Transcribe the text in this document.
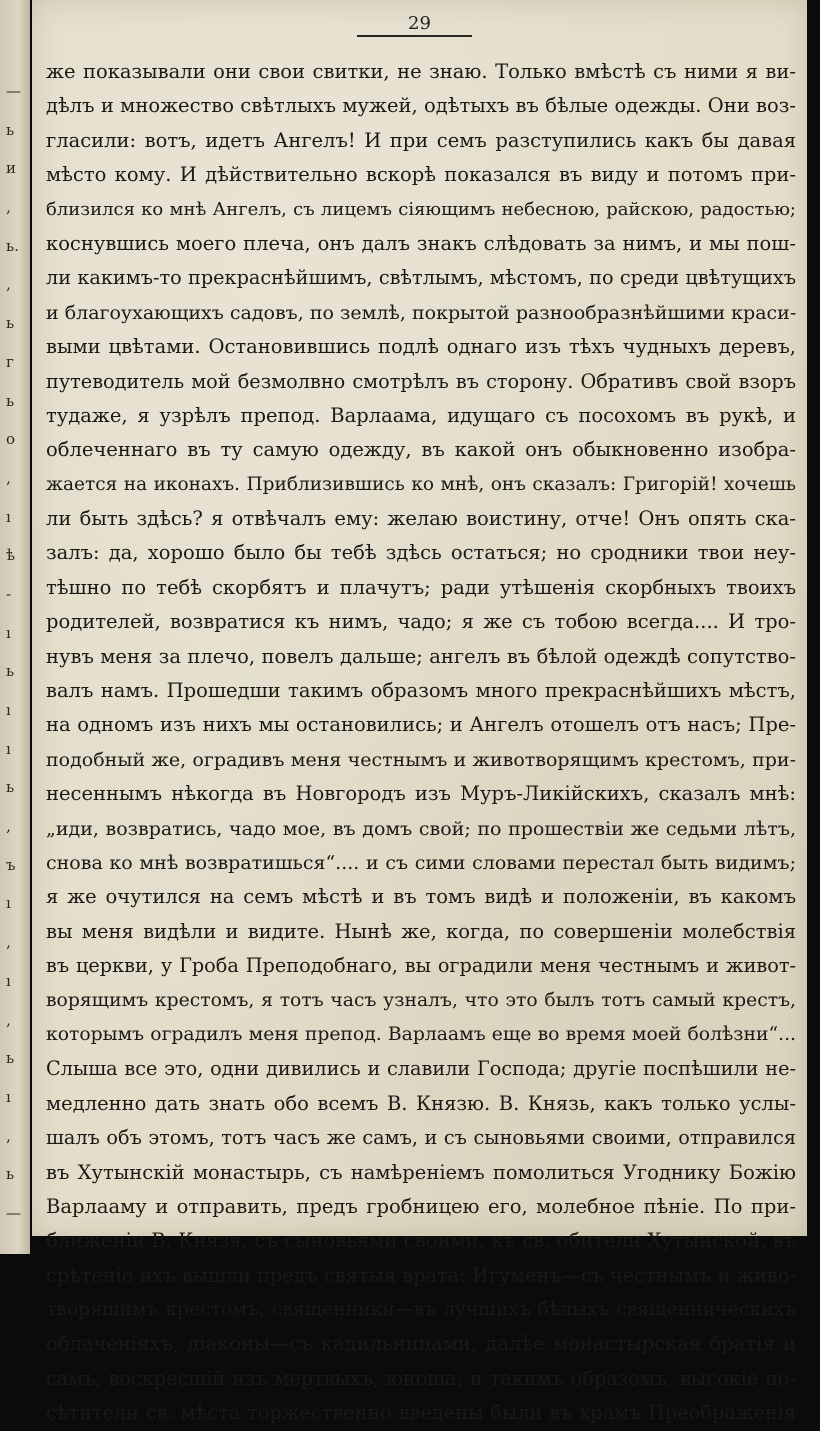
—
ь
и
‚
ь.
‚
ь
г
ь
о
‚
ı
ѣ
-
ı
ь
ı
ı
ь
‚
ъ
ı
‚
ı
‚
ь
ı
‚
ь
—
29
же показывали они свои свитки, не знаю. Только вмѣстѣ съ ними я ви-
дѣлъ и множество свѣтлыхъ мужей, одѣтыхъ въ бѣлые одежды. Они воз-
гласили: вотъ, идетъ Ангелъ! И при семъ разступились какъ бы давая
мѣсто кому. И дѣйствительно вскорѣ показался въ виду и потомъ при-
близился ко мнѣ Ангелъ, съ лицемъ сіяющимъ небесною, райскою, радостью;
коснувшись моего плеча, онъ далъ знакъ слѣдовать за нимъ, и мы пош-
ли какимъ-то прекраснѣйшимъ, свѣтлымъ, мѣстомъ, по среди цвѣтущихъ
и благоухающихъ садовъ, по землѣ, покрытой разнообразнѣйшими краси-
выми цвѣтами. Остановившись подлѣ однаго изъ тѣхъ чудныхъ деревъ,
путеводитель мой безмолвно смотрѣлъ въ сторону. Обративъ свой взоръ
тудаже, я узрѣлъ препод. Варлаама, идущаго съ посохомъ въ рукѣ, и
облеченнаго въ ту самую одежду, въ какой онъ обыкновенно изобра-
жается на иконахъ. Приблизившись ко мнѣ, онъ сказалъ: Григорій! хочешь
ли быть здѣсь? я отвѣчалъ ему: желаю воистину, отче! Онъ опять ска-
залъ: да, хорошо было бы тебѣ здѣсь остаться; но сродники твои неу-
тѣшно по тебѣ скорбятъ и плачутъ; ради утѣшенія скорбныхъ твоихъ
родителей, возвратися къ нимъ, чадо; я же съ тобою всегда.... И тро-
нувъ меня за плечо, повелъ дальше; ангелъ въ бѣлой одеждѣ сопутство-
валъ намъ. Прошедши такимъ образомъ много прекраснѣйшихъ мѣстъ,
на одномъ изъ нихъ мы остановились; и Ангелъ отошелъ отъ насъ; Пре-
подобный же, оградивъ меня честнымъ и животворящимъ крестомъ, при-
несеннымъ нѣкогда въ Новгородъ изъ Муръ-Ликійскихъ, сказалъ мнѣ:
„иди, возвратись, чадо мое, въ домъ свой; по прошествіи же седьми лѣтъ,
снова ко мнѣ возвратишься“.... и съ сими словами перестал быть видимъ;
я же очутился на семъ мѣстѣ и въ томъ видѣ и положеніи, въ какомъ
вы меня видѣли и видите. Нынѣ же, когда, по совершеніи молебствія
въ церкви, у Гроба Преподобнаго, вы оградили меня честнымъ и живот-
ворящимъ крестомъ, я тотъ часъ узналъ, что это былъ тотъ самый крестъ,
которымъ оградилъ меня препод. Варлаамъ еще во время моей болѣзни“...
Слыша все это, одни дивились и славили Господа; другіе поспѣшили не-
медленно дать знать обо всемъ В. Князю. В. Князь, какъ только услы-
шалъ объ этомъ, тотъ часъ же самъ, и съ сыновьями своими, отправился
въ Хутынскій монастырь, съ намѣреніемъ помолиться Угоднику Божію
Варлааму и отправить, предъ гробницею его, молебное пѣніе. По при-
ближеніи В. Князя, съ сыновьями своими, къ св. обители Хутынской, въ
срѣтеніе ихъ вышли предъ святыя врата: Игуменъ—съ честнымъ и живо-
творящимъ крестомъ, священники—въ лучшихъ бѣлыхъ священническихъ
облаченіяхъ, діаконы—съ кадильницами, далѣе монастырская братія и
самъ, воскресшій изъ мертвыхъ, юноша; и такимъ образомъ, высокіе по-
сѣтители св. мѣста торжественно введены были въ храмъ Преображенія
